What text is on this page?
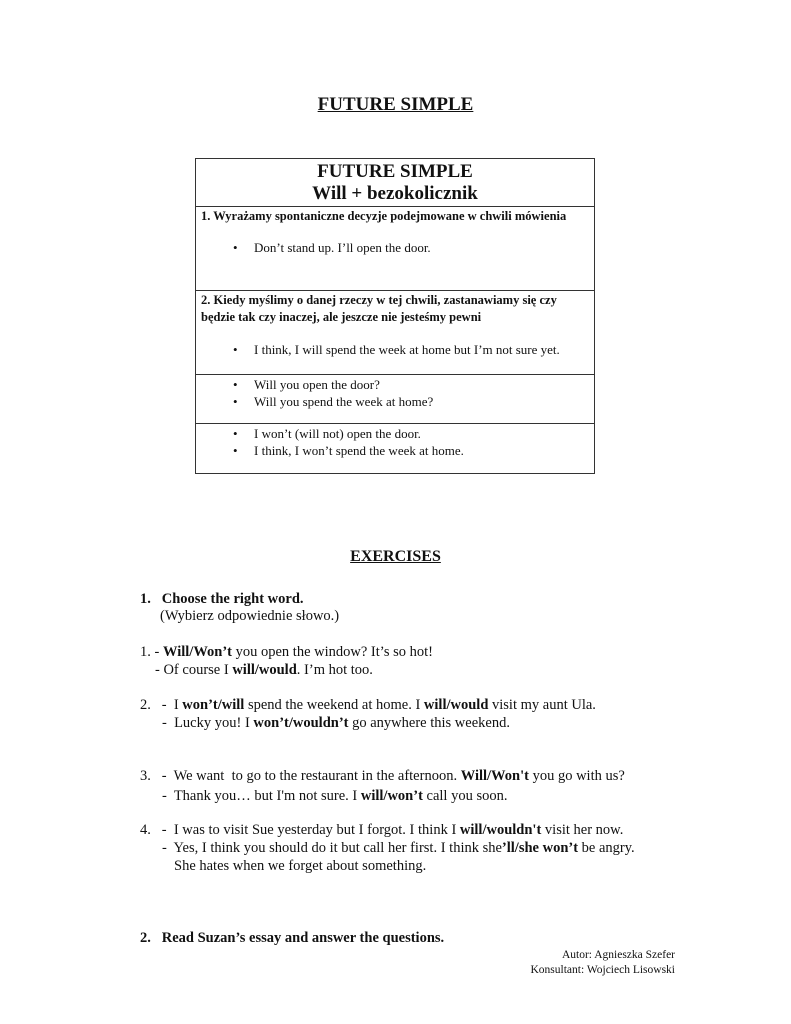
FUTURE SIMPLE
FUTURE SIMPLE
Will + bezokolicznik
1. Wyrażamy spontaniczne decyzje podejmowane w chwili mówienia
• Don’t stand up. I’ll open the door.
2. Kiedy myślimy o danej rzeczy w tej chwili, zastanawiamy się czy będzie tak czy inaczej, ale jeszcze nie jesteśmy pewni
• I think, I will spend the week at home but I’m not sure yet.
• Will you open the door?
• Will you spend the week at home?
• I won’t (will not) open the door.
• I think, I won’t spend the week at home.
EXERCISES
1.   Choose the right word.
(Wybierz odpowiednie słowo.)
1. - Will/Won’t you open the window? It’s so hot!
- Of course I will/would. I’m hot too.
2.   -  I won’t/will spend the weekend at home. I will/would visit my aunt Ula.
-  Lucky you! I won’t/wouldn’t go anywhere this weekend.
3.   -  We want  to go to the restaurant in the afternoon. Will/Won't you go with us?
-  Thank you… but I'm not sure. I will/won’t call you soon.
4.   -  I was to visit Sue yesterday but I forgot. I think I will/wouldn't visit her now.
-  Yes, I think you should do it but call her first. I think she’ll/she won’t be angry.
She hates when we forget about something.
2.   Read Suzan’s essay and answer the questions.
Autor: Agnieszka Szefer
Konsultant: Wojciech Lisowski
